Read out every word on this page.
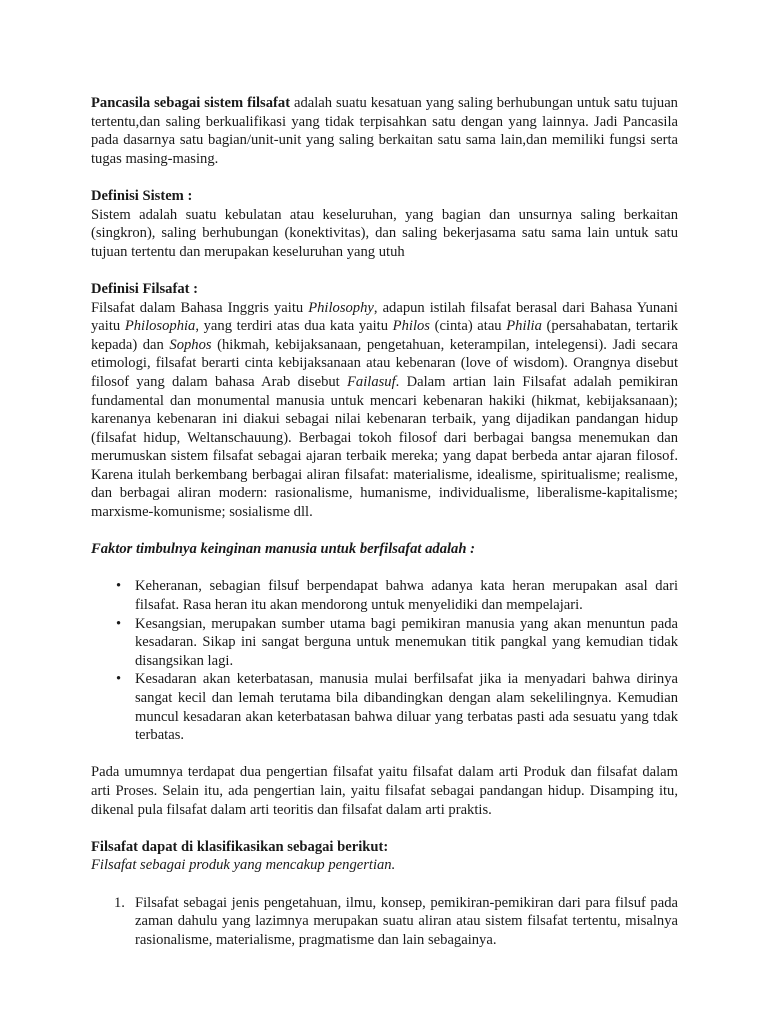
Pancasila sebagai sistem filsafat adalah suatu kesatuan yang saling berhubungan untuk satu tujuan tertentu,dan saling berkualifikasi yang tidak terpisahkan satu dengan yang lainnya. Jadi Pancasila pada dasarnya satu bagian/unit-unit yang saling berkaitan satu sama lain,dan memiliki fungsi serta tugas masing-masing.

Definisi Sistem :

Sistem adalah suatu kebulatan atau keseluruhan, yang bagian dan unsurnya saling berkaitan (singkron), saling berhubungan (konektivitas), dan saling bekerjasama satu sama lain untuk satu tujuan tertentu dan merupakan keseluruhan yang utuh

Definisi Filsafat :

Filsafat dalam Bahasa Inggris yaitu Philosophy, adapun istilah filsafat berasal dari Bahasa Yunani yaitu Philosophia, yang terdiri atas dua kata yaitu Philos (cinta) atau Philia (persahabatan, tertarik kepada) dan Sophos (hikmah, kebijaksanaan, pengetahuan, keterampilan, intelegensi). Jadi secara etimologi, filsafat berarti cinta kebijaksanaan atau kebenaran (love of wisdom). Orangnya disebut filosof yang dalam bahasa Arab disebut Failasuf. Dalam artian lain Filsafat adalah pemikiran fundamental dan monumental manusia untuk mencari kebenaran hakiki (hikmat, kebijaksanaan); karenanya kebenaran ini diakui sebagai nilai kebenaran terbaik, yang dijadikan pandangan hidup (filsafat hidup, Weltanschauung). Berbagai tokoh filosof dari berbagai bangsa menemukan dan merumuskan sistem filsafat sebagai ajaran terbaik mereka; yang dapat berbeda antar ajaran filosof. Karena itulah berkembang berbagai aliran filsafat: materialisme, idealisme, spiritualisme; realisme, dan berbagai aliran modern: rasionalisme, humanisme, individualisme, liberalisme-kapitalisme; marxisme-komunisme; sosialisme dll.

Faktor timbulnya keinginan manusia untuk berfilsafat adalah :

• Keheranan, sebagian filsuf berpendapat bahwa adanya kata heran merupakan asal dari filsafat. Rasa heran itu akan mendorong untuk menyelidiki dan mempelajari.
• Kesangsian, merupakan sumber utama bagi pemikiran manusia yang akan menuntun pada kesadaran. Sikap ini sangat berguna untuk menemukan titik pangkal yang kemudian tidak disangsikan lagi.
• Kesadaran akan keterbatasan, manusia mulai berfilsafat jika ia menyadari bahwa dirinya sangat kecil dan lemah terutama bila dibandingkan dengan alam sekelilingnya. Kemudian muncul kesadaran akan keterbatasan bahwa diluar yang terbatas pasti ada sesuatu yang tdak terbatas.

Pada umumnya terdapat dua pengertian filsafat yaitu filsafat dalam arti Produk dan filsafat dalam arti Proses. Selain itu, ada pengertian lain, yaitu filsafat sebagai pandangan hidup. Disamping itu, dikenal pula filsafat dalam arti teoritis dan filsafat dalam arti praktis.

Filsafat dapat di klasifikasikan sebagai berikut:

Filsafat sebagai produk yang mencakup pengertian.

1. Filsafat sebagai jenis pengetahuan, ilmu, konsep, pemikiran-pemikiran dari para filsuf pada zaman dahulu yang lazimnya merupakan suatu aliran atau sistem filsafat tertentu, misalnya rasionalisme, materialisme, pragmatisme dan lain sebagainya.
